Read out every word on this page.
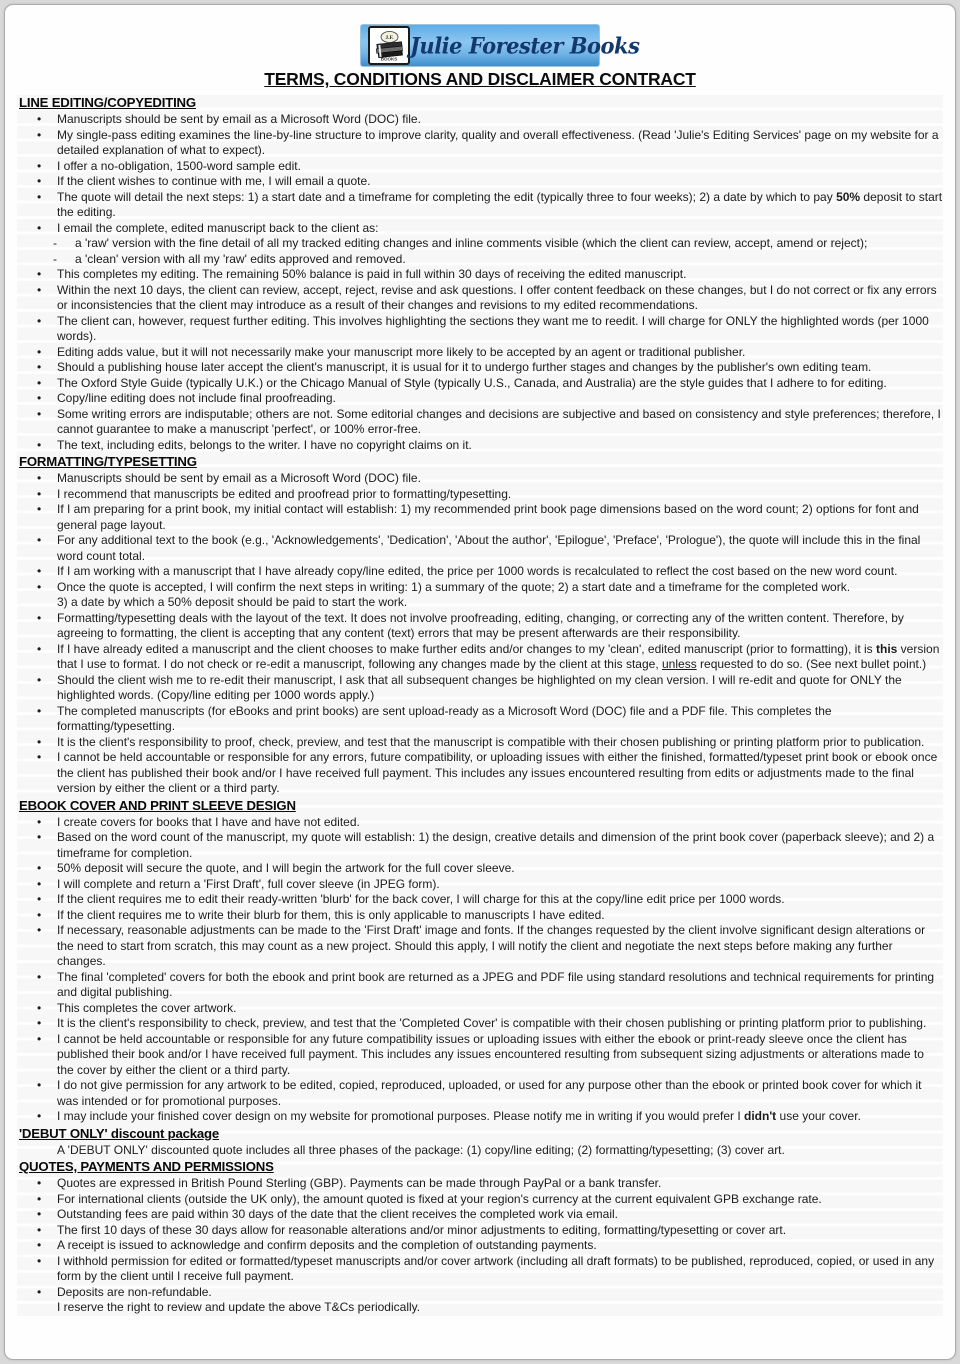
J.F.
BOOKS
Julie Forester Books
TERMS, CONDITIONS AND DISCLAIMER CONTRACT
LINE EDITING/COPYEDITING
• Manuscripts should be sent by email as a Microsoft Word (DOC) file.
• My single-pass editing examines the line-by-line structure to improve clarity, quality and overall effectiveness. (Read 'Julie's Editing Services' page on my website for a detailed explanation of what to expect).
• I offer a no-obligation, 1500-word sample edit.
• If the client wishes to continue with me, I will email a quote.
• The quote will detail the next steps: 1) a start date and a timeframe for completing the edit (typically three to four weeks); 2) a date by which to pay 50% deposit to start the editing.
• I email the complete, edited manuscript back to the client as:
- a 'raw' version with the fine detail of all my tracked editing changes and inline comments visible (which the client can review, accept, amend or reject);
- a 'clean' version with all my 'raw' edits approved and removed.
• This completes my editing. The remaining 50% balance is paid in full within 30 days of receiving the edited manuscript.
• Within the next 10 days, the client can review, accept, reject, revise and ask questions. I offer content feedback on these changes, but I do not correct or fix any errors or inconsistencies that the client may introduce as a result of their changes and revisions to my edited recommendations.
• The client can, however, request further editing. This involves highlighting the sections they want me to reedit. I will charge for ONLY the highlighted words (per 1000 words).
• Editing adds value, but it will not necessarily make your manuscript more likely to be accepted by an agent or traditional publisher.
• Should a publishing house later accept the client's manuscript, it is usual for it to undergo further stages and changes by the publisher's own editing team.
• The Oxford Style Guide (typically U.K.) or the Chicago Manual of Style (typically U.S., Canada, and Australia) are the style guides that I adhere to for editing.
• Copy/line editing does not include final proofreading.
• Some writing errors are indisputable; others are not. Some editorial changes and decisions are subjective and based on consistency and style preferences; therefore, I cannot guarantee to make a manuscript 'perfect', or 100% error-free.
• The text, including edits, belongs to the writer. I have no copyright claims on it.
FORMATTING/TYPESETTING
• Manuscripts should be sent by email as a Microsoft Word (DOC) file.
• I recommend that manuscripts be edited and proofread prior to formatting/typesetting.
• If I am preparing for a print book, my initial contact will establish: 1) my recommended print book page dimensions based on the word count; 2) options for font and general page layout.
• For any additional text to the book (e.g., 'Acknowledgements', 'Dedication', 'About the author', 'Epilogue', 'Preface', 'Prologue'), the quote will include this in the final word count total.
• If I am working with a manuscript that I have already copy/line edited, the price per 1000 words is recalculated to reflect the cost based on the new word count.
• Once the quote is accepted, I will confirm the next steps in writing: 1) a summary of the quote; 2) a start date and a timeframe for the completed work.
3) a date by which a 50% deposit should be paid to start the work.
• Formatting/typesetting deals with the layout of the text. It does not involve proofreading, editing, changing, or correcting any of the written content. Therefore, by agreeing to formatting, the client is accepting that any content (text) errors that may be present afterwards are their responsibility.
• If I have already edited a manuscript and the client chooses to make further edits and/or changes to my 'clean', edited manuscript (prior to formatting), it is this version that I use to format. I do not check or re-edit a manuscript, following any changes made by the client at this stage, unless requested to do so. (See next bullet point.)
• Should the client wish me to re-edit their manuscript, I ask that all subsequent changes be highlighted on my clean version. I will re-edit and quote for ONLY the highlighted words. (Copy/line editing per 1000 words apply.)
• The completed manuscripts (for eBooks and print books) are sent upload-ready as a Microsoft Word (DOC) file and a PDF file. This completes the formatting/typesetting.
• It is the client's responsibility to proof, check, preview, and test that the manuscript is compatible with their chosen publishing or printing platform prior to publication.
• I cannot be held accountable or responsible for any errors, future compatibility, or uploading issues with either the finished, formatted/typeset print book or ebook once the client has published their book and/or I have received full payment. This includes any issues encountered resulting from edits or adjustments made to the final version by either the client or a third party.
EBOOK COVER AND PRINT SLEEVE DESIGN
• I create covers for books that I have and have not edited.
• Based on the word count of the manuscript, my quote will establish: 1) the design, creative details and dimension of the print book cover (paperback sleeve); and 2) a timeframe for completion.
• 50% deposit will secure the quote, and I will begin the artwork for the full cover sleeve.
• I will complete and return a 'First Draft', full cover sleeve (in JPEG form).
• If the client requires me to edit their ready-written 'blurb' for the back cover, I will charge for this at the copy/line edit price per 1000 words.
• If the client requires me to write their blurb for them, this is only applicable to manuscripts I have edited.
• If necessary, reasonable adjustments can be made to the 'First Draft' image and fonts. If the changes requested by the client involve significant design alterations or the need to start from scratch, this may count as a new project. Should this apply, I will notify the client and negotiate the next steps before making any further changes.
• The final 'completed' covers for both the ebook and print book are returned as a JPEG and PDF file using standard resolutions and technical requirements for printing and digital publishing.
• This completes the cover artwork.
• It is the client's responsibility to check, preview, and test that the 'Completed Cover' is compatible with their chosen publishing or printing platform prior to publishing.
• I cannot be held accountable or responsible for any future compatibility issues or uploading issues with either the ebook or print-ready sleeve once the client has published their book and/or I have received full payment. This includes any issues encountered resulting from subsequent sizing adjustments or alterations made to the cover by either the client or a third party.
• I do not give permission for any artwork to be edited, copied, reproduced, uploaded, or used for any purpose other than the ebook or printed book cover for which it was intended or for promotional purposes.
• I may include your finished cover design on my website for promotional purposes. Please notify me in writing if you would prefer I didn't use your cover.
'DEBUT ONLY' discount package
A 'DEBUT ONLY' discounted quote includes all three phases of the package: (1) copy/line editing; (2) formatting/typesetting; (3) cover art.
QUOTES, PAYMENTS AND PERMISSIONS
• Quotes are expressed in British Pound Sterling (GBP). Payments can be made through PayPal or a bank transfer.
• For international clients (outside the UK only), the amount quoted is fixed at your region's currency at the current equivalent GPB exchange rate.
• Outstanding fees are paid within 30 days of the date that the client receives the completed work via email.
• The first 10 days of these 30 days allow for reasonable alterations and/or minor adjustments to editing, formatting/typesetting or cover art.
• A receipt is issued to acknowledge and confirm deposits and the completion of outstanding payments.
• I withhold permission for edited or formatted/typeset manuscripts and/or cover artwork (including all draft formats) to be published, reproduced, copied, or used in any form by the client until I receive full payment.
• Deposits are non-refundable.
I reserve the right to review and update the above T&Cs periodically.
